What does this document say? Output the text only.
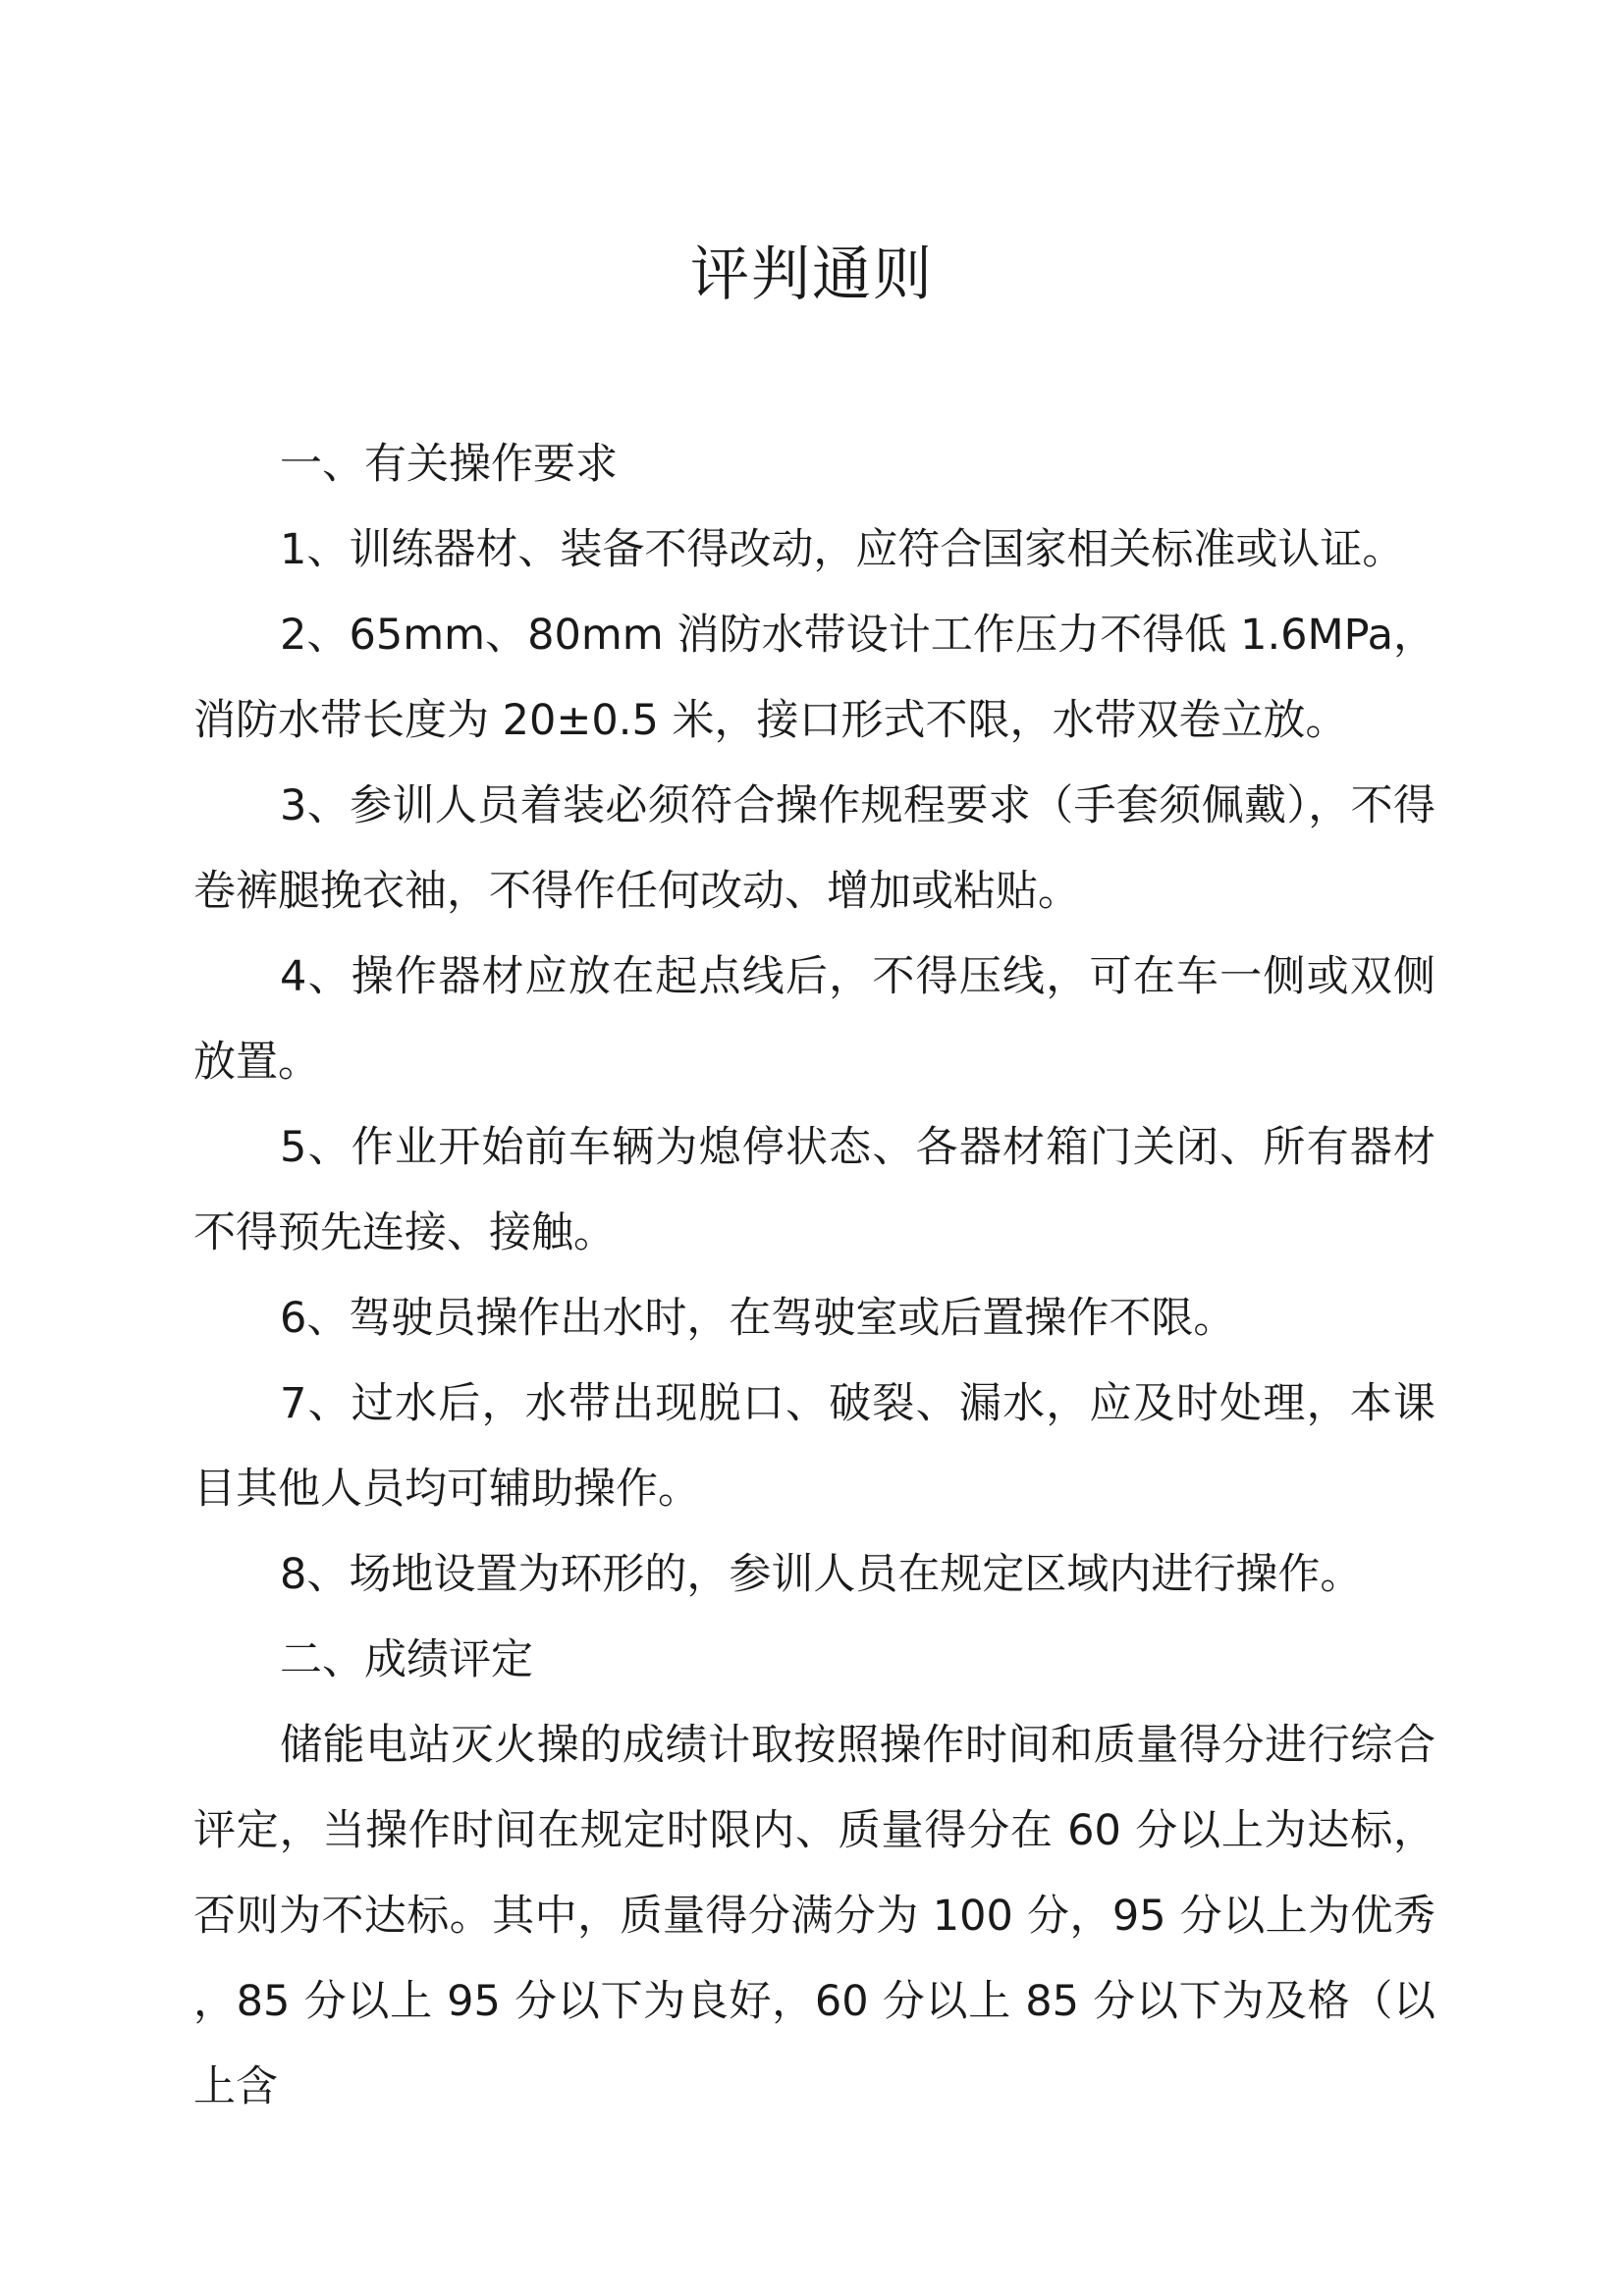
评判通则

一、有关操作要求

1、训练器材、装备不得改动，应符合国家相关标准或认证。

2、65mm、80mm 消防水带设计工作压力不得低 1.6MPa，消防水带长度为 20±0.5 米，接口形式不限，水带双卷立放。

3、参训人员着装必须符合操作规程要求（手套须佩戴），不得卷裤腿挽衣袖，不得作任何改动、增加或粘贴。

4、操作器材应放在起点线后，不得压线，可在车一侧或双侧放置。

5、作业开始前车辆为熄停状态、各器材箱门关闭、所有器材不得预先连接、接触。

6、驾驶员操作出水时，在驾驶室或后置操作不限。

7、过水后，水带出现脱口、破裂、漏水，应及时处理，本课目其他人员均可辅助操作。

8、场地设置为环形的，参训人员在规定区域内进行操作。

二、成绩评定

储能电站灭火操的成绩计取按照操作时间和质量得分进行综合评定，当操作时间在规定时限内、质量得分在 60 分以上为达标，否则为不达标。其中，质量得分满分为 100 分，95 分以上为优秀 ，85 分以上 95 分以下为良好，60 分以上 85 分以下为及格（以上含
